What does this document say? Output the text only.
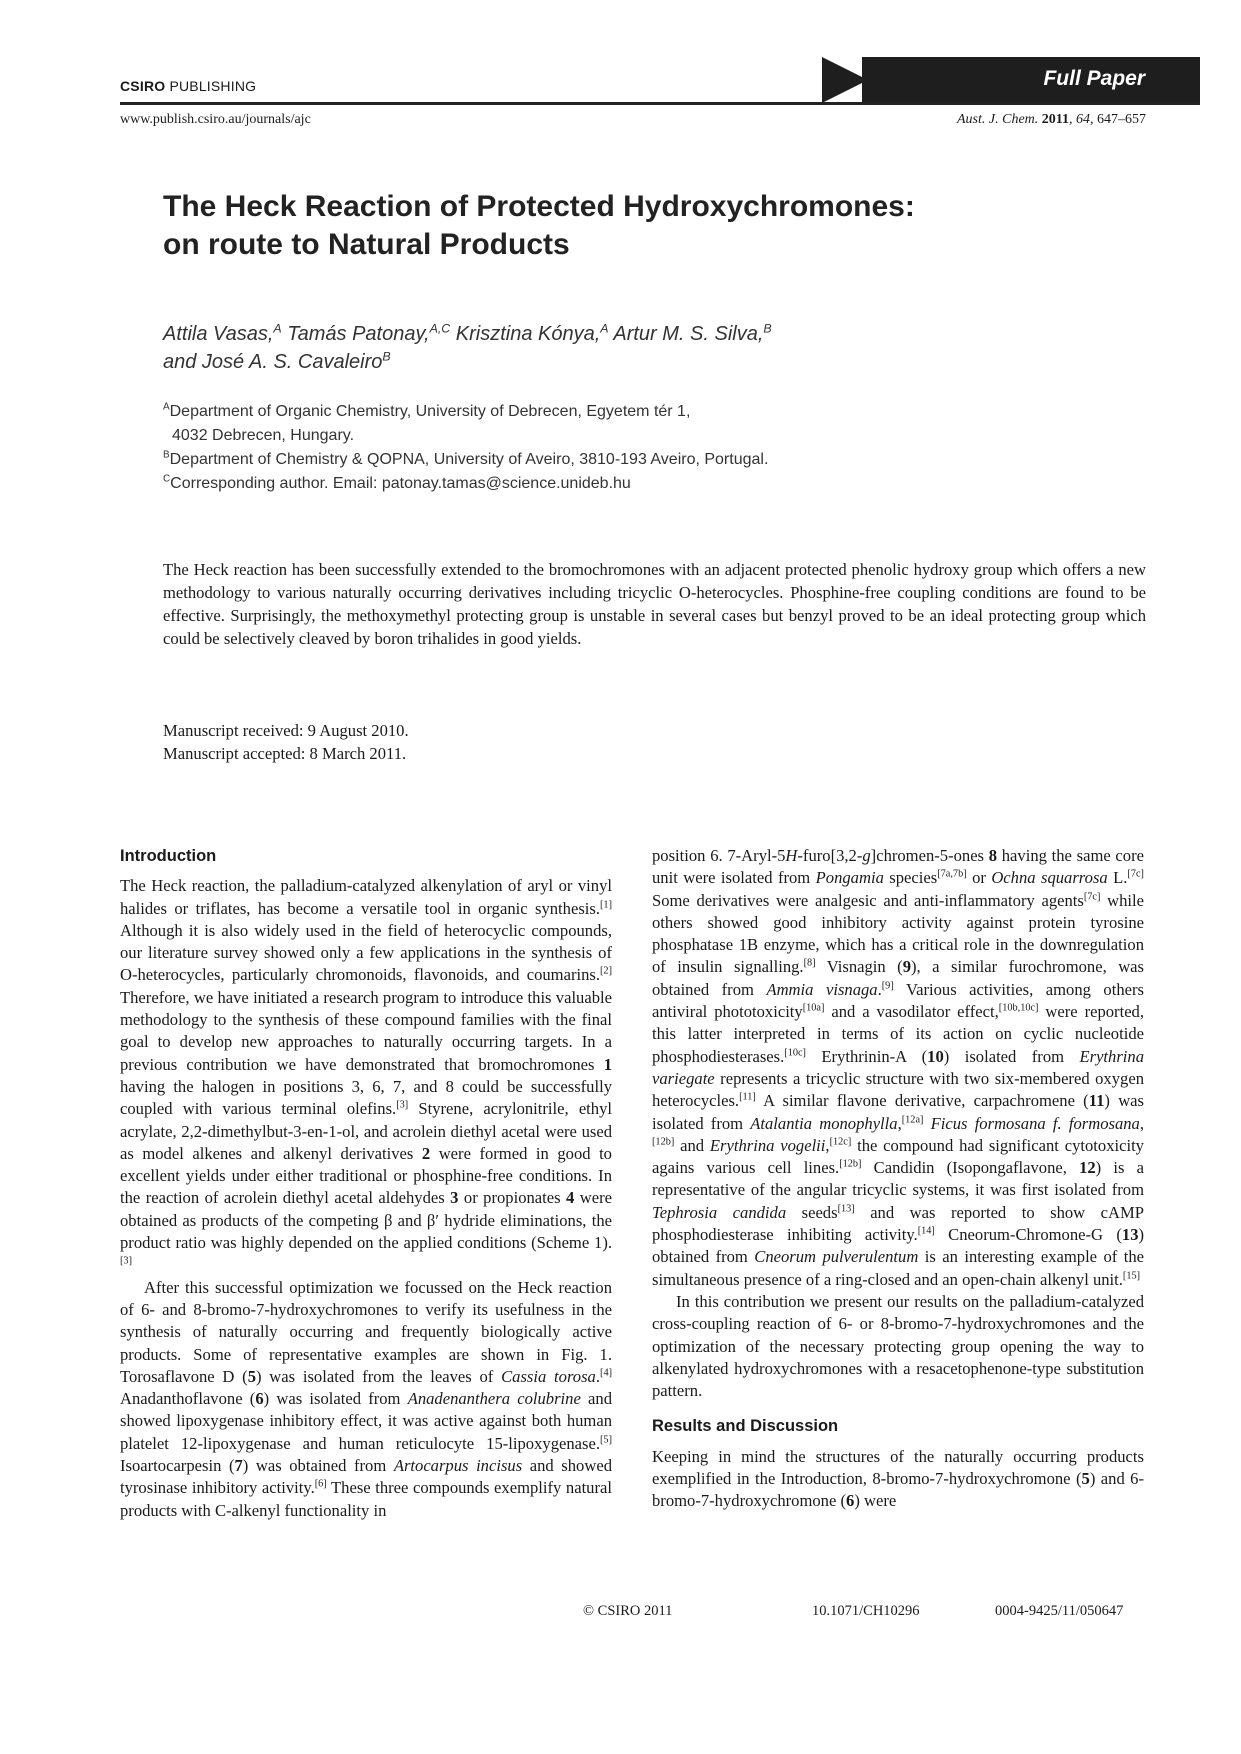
CSIRO PUBLISHING	Full Paper
www.publish.csiro.au/journals/ajc	Aust. J. Chem. 2011, 64, 647–657
The Heck Reaction of Protected Hydroxychromones:
on route to Natural Products
Attila Vasas,$^A$ Tamás Patonay,$^{A,C}$ Krisztina Kónya,$^A$ Artur M. S. Silva,$^B$
and José A. S. Cavaleiro$^B$
$^A$Department of Organic Chemistry, University of Debrecen, Egyetem tér 1,
4032 Debrecen, Hungary.
$^B$Department of Chemistry & QOPNA, University of Aveiro, 3810-193 Aveiro, Portugal.
$^C$Corresponding author. Email: patonay.tamas@science.unideb.hu
The Heck reaction has been successfully extended to the bromochromones with an adjacent protected phenolic hydroxy group which offers a new methodology to various naturally occurring derivatives including tricyclic O-heterocycles. Phosphine-free coupling conditions are found to be effective. Surprisingly, the methoxymethyl protecting group is unstable in several cases but benzyl proved to be an ideal protecting group which could be selectively cleaved by boron trihalides in good yields.
Manuscript received: 9 August 2010.
Manuscript accepted: 8 March 2011.
Introduction

The Heck reaction, the palladium-catalyzed alkenylation of aryl or vinyl halides or triflates, has become a versatile tool in organic synthesis.[1] Although it is also widely used in the field of heterocyclic compounds, our literature survey showed only a few applications in the synthesis of O-heterocycles, particularly chromonoids, flavonoids, and coumarins.[2] Therefore, we have initiated a research program to introduce this valuable methodology to the synthesis of these compound families with the final goal to develop new approaches to naturally occurring targets. In a previous contribution we have demonstrated that bromochromones 1 having the halogen in positions 3, 6, 7, and 8 could be successfully coupled with various terminal olefins.[3] Styrene, acrylonitrile, ethyl acrylate, 2,2-dimethylbut-3-en-1-ol, and acrolein diethyl acetal were used as model alkenes and alkenyl derivatives 2 were formed in good to excellent yields under either traditional or phosphine-free conditions. In the reaction of acrolein diethyl acetal aldehydes 3 or propionates 4 were obtained as products of the competing β and β′ hydride eliminations, the product ratio was highly depended on the applied conditions (Scheme 1).[3]

After this successful optimization we focussed on the Heck reaction of 6- and 8-bromo-7-hydroxychromones to verify its usefulness in the synthesis of naturally occurring and frequently biologically active products. Some of representative examples are shown in Fig. 1. Torosaflavone D (5) was isolated from the leaves of Cassia torosa.[4] Anadanthoflavone (6) was isolated from Anadenanthera colubrine and showed lipoxygenase inhibitory effect, it was active against both human platelet 12-lipoxygenase and human reticulocyte 15-lipoxygenase.[5] Isoartocarpesin (7) was obtained from Artocarpus incisus and showed tyrosinase inhibitory activity.[6] These three compounds exemplify natural products with C-alkenyl functionality in

position 6. 7-Aryl-5H-furo[3,2-g]chromen-5-ones 8 having the same core unit were isolated from Pongamia species[7a,7b] or Ochna squarrosa L.[7c] Some derivatives were analgesic and anti-inflammatory agents[7c] while others showed good inhibitory activity against protein tyrosine phosphatase 1B enzyme, which has a critical role in the downregulation of insulin signalling.[8] Visnagin (9), a similar furochromone, was obtained from Ammia visnaga.[9] Various activities, among others antiviral phototoxicity[10a] and a vasodilator effect,[10b,10c] were reported, this latter interpreted in terms of its action on cyclic nucleotide phosphodiesterases.[10c] Erythrinin-A (10) isolated from Erythrina variegate represents a tricyclic structure with two six-membered oxygen heterocycles.[11] A similar flavone derivative, carpachromene (11) was isolated from Atalantia monophylla,[12a] Ficus formosana f. formosana,[12b] and Erythrina vogelii,[12c] the compound had significant cytotoxicity agains various cell lines.[12b] Candidin (Isopongaflavone, 12) is a representative of the angular tricyclic systems, it was first isolated from Tephrosia candida seeds[13] and was reported to show cAMP phosphodiesterase inhibiting activity.[14] Cneorum-Chromone-G (13) obtained from Cneorum pulverulentum is an interesting example of the simultaneous presence of a ring-closed and an open-chain alkenyl unit.[15]

In this contribution we present our results on the palladium-catalyzed cross-coupling reaction of 6- or 8-bromo-7-hydroxychromones and the optimization of the necessary protecting group opening the way to alkenylated hydroxychromones with a resacetophenone-type substitution pattern.

Results and Discussion

Keeping in mind the structures of the naturally occurring products exemplified in the Introduction, 8-bromo-7-hydroxychromone (5) and 6-bromo-7-hydroxychromone (6) were

© CSIRO 2011	10.1071/CH10296	0004-9425/11/050647
